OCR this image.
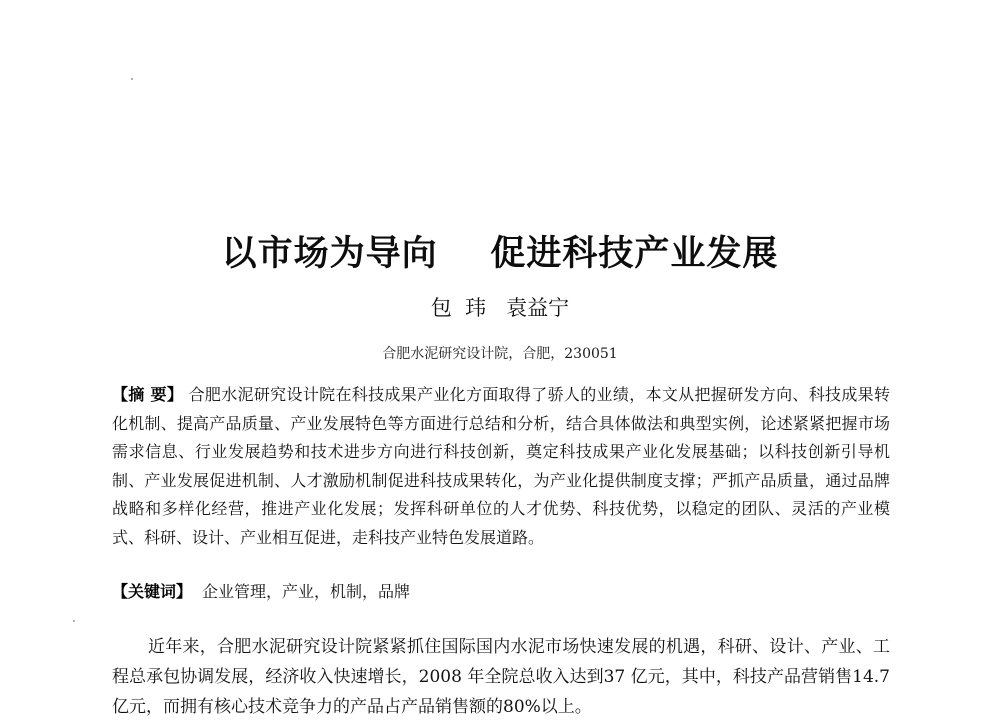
以市场为导向    促进科技产业发展
包  玮   袁益宁
合肥水泥研究设计院，合肥，230051
【摘 要】 合肥水泥研究设计院在科技成果产业化方面取得了骄人的业绩，本文从把握研发方向、科技成果转化机制、提高产品质量、产业发展特色等方面进行总结和分析，结合具体做法和典型实例，论述紧紧把握市场需求信息、行业发展趋势和技术进步方向进行科技创新，奠定科技成果产业化发展基础；以科技创新引导机制、产业发展促进机制、人才激励机制促进科技成果转化，为产业化提供制度支撑；严抓产品质量，通过品牌战略和多样化经营，推进产业化发展；发挥科研单位的人才优势、科技优势，以稳定的团队、灵活的产业模式、科研、设计、产业相互促进，走科技产业特色发展道路。
【关键词】 企业管理，产业，机制，品牌
近年来，合肥水泥研究设计院紧紧抓住国际国内水泥市场快速发展的机遇，科研、设计、产业、工程总承包协调发展，经济收入快速增长，2008 年全院总收入达到37 亿元，其中，科技产品营销售14.7亿元，而拥有核心技术竞争力的产品占产品销售额的80%以上。
